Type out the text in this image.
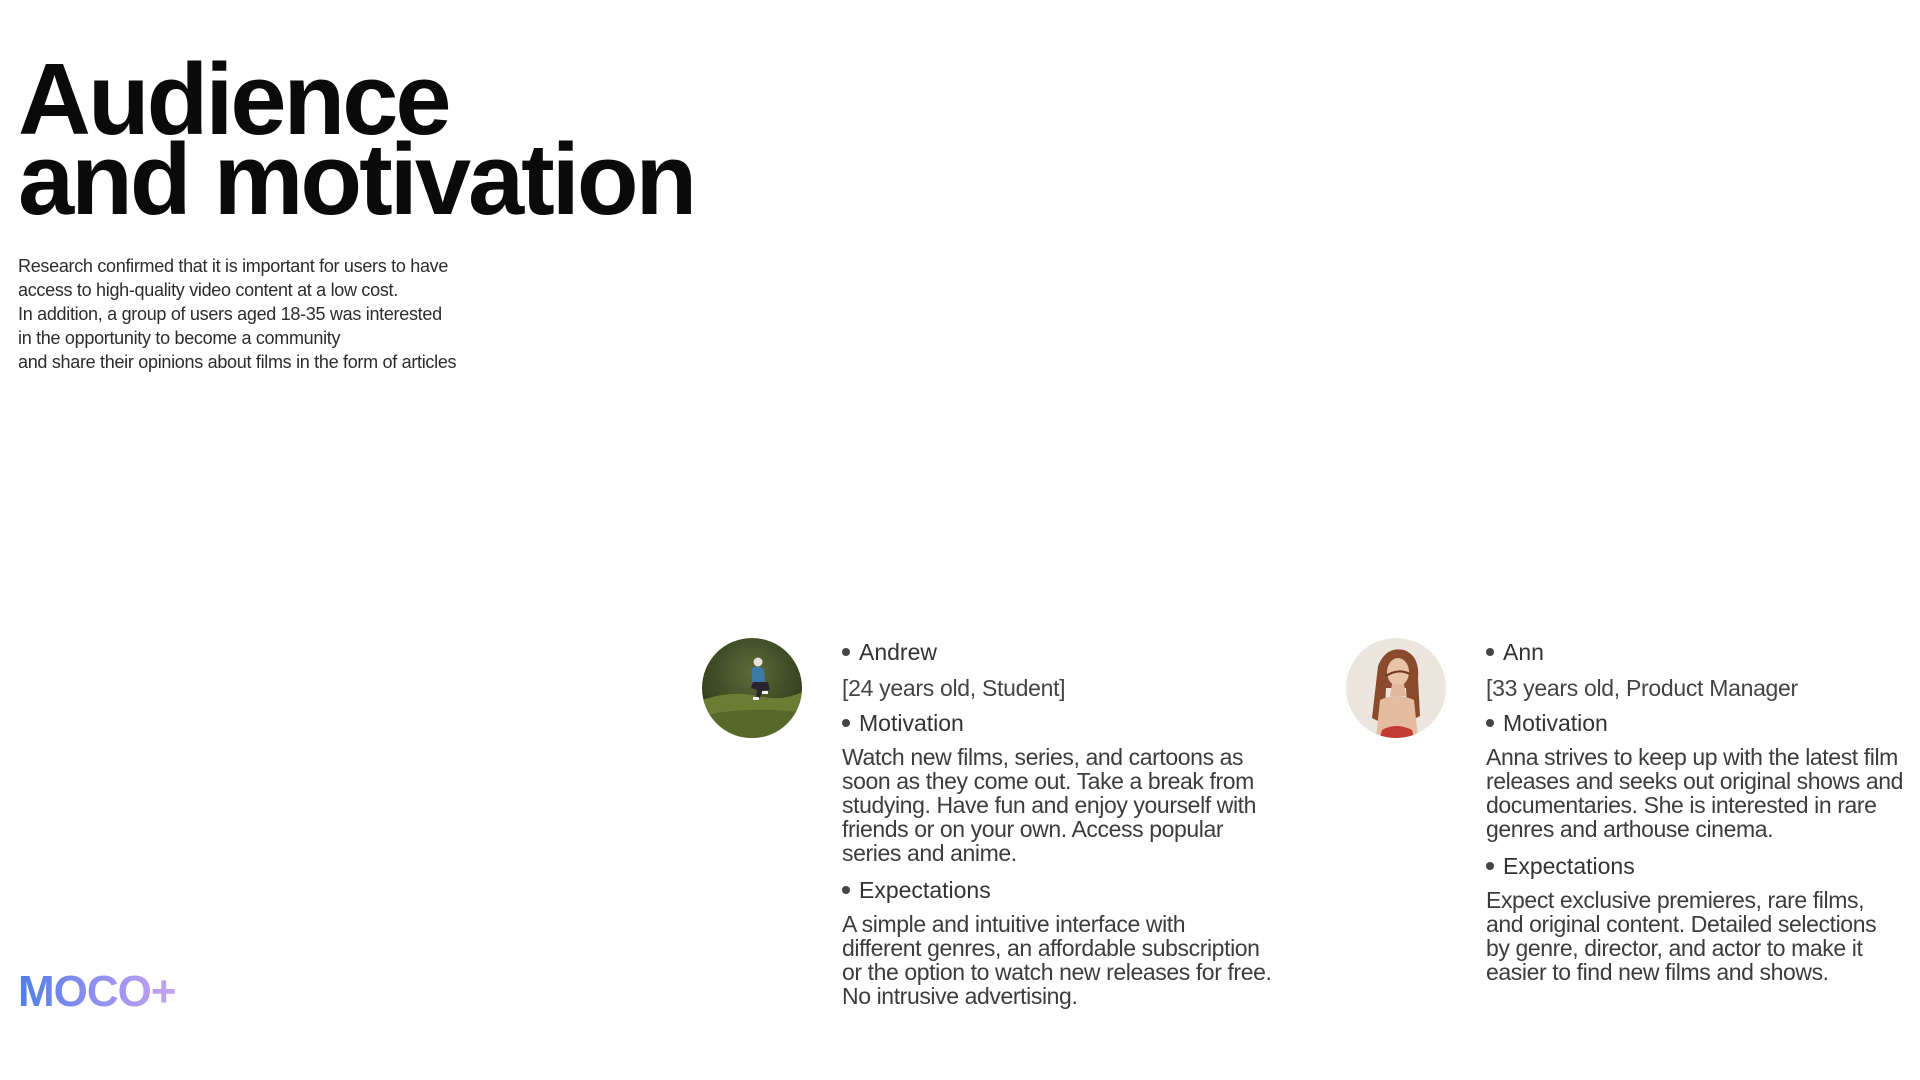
Audience
and motivation
Research confirmed that it is important for users to have
access to high-quality video content at a low cost.
In addition, a group of users aged 18-35 was interested
in the opportunity to become a community
and share their opinions about films in the form of articles
MOCO+
Andrew
[24 years old, Student]
Motivation
Watch new films, series, and cartoons as
soon as they come out. Take a break from
studying. Have fun and enjoy yourself with
friends or on your own. Access popular
series and anime.
Expectations
A simple and intuitive interface with
different genres, an affordable subscription
or the option to watch new releases for free.
No intrusive advertising.
Ann
[33 years old, Product Manager
Motivation
Anna strives to keep up with the latest film
releases and seeks out original shows and
documentaries. She is interested in rare
genres and arthouse cinema.
Expectations
Expect exclusive premieres, rare films,
and original content. Detailed selections
by genre, director, and actor to make it
easier to find new films and shows.
